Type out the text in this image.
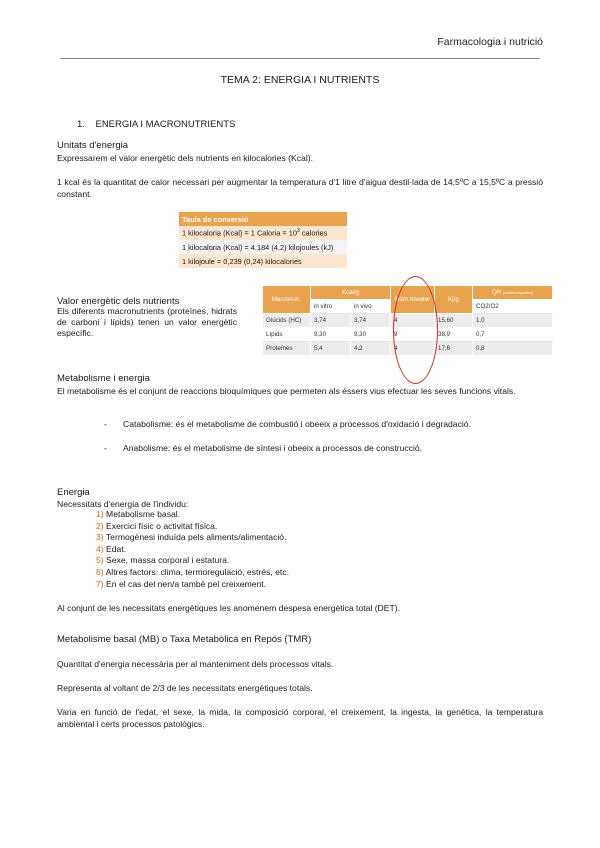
Farmacologia i nutrició
TEMA 2: ENERGIA I NUTRIENTS
1.    ENERGIA I MACRONUTRIENTS
Unitats d'energia
Expressarem el valor energètic dels nutrients en kilocalories (Kcal).
1 kcal és la quantitat de calor necessari per augmentar la temperatura d'1 litre d'aigua destil·lada de 14,5ºC a 15,5ºC a pressió constant.
Taula de conversió
1 kilocaloria (Kcal) = 1 Caloria = $10^3$ calories
1 kilocaloria (Kcal) = 4.184 (4,2) kilojoules (kJ)
1 kilojoule = 0,239 (0,24) kilocalories
Valor energètic dels nutrients
Els diferents macronutrients (proteïnes, hidrats de carboni i lípids) tenen un valor energètic específic.
Macronutr.	Kcal/g		Núm Atwater	Kj/g	QR (cocient respiratori)
	in vitro	in vivo			CO2/O2
Glúcids (HC)	3,74	3,74	4	15,60	1,0
Lípids	9,30	9,30	9	38,9	0,7
Proteïnes	5,4	4,2	4	17,6	0,8
Metabolisme i energia
El metabolisme és el conjunt de reaccions bioquímiques que permeten als éssers vius efectuar les seves funcions vitals.
- Catabolisme: és el metabolisme de combustió i obeeix a processos d'oxidació i degradació.
- Anabolisme: és el metabolisme de síntesi i obeeix a processos de construcció.
Energia
Necessitats d'energia de l'individu:
1) Metabolisme basal.
2) Exercici físic o activitat física.
3) Termogènesi induïda pels aliments/alimentació.
4) Edat.
5) Sexe, massa corporal i estatura.
6) Altres factors: clima, termoregulació, estrés, etc.
7) En el cas del nen/a també pel creixement.
Al conjunt de les necessitats energètiques les anomenem despesa energètica total (DET).
Metabolisme basal (MB) o Taxa Metabòlica en Repós (TMR)
Quantitat d'energia necessària per al manteniment dels processos vitals.
Representa al voltant de 2/3 de les necessitats energètiques totals.
Varia en funció de l'edat, el sexe, la mida, la composició corporal, el creixement, la ingesta, la genètica, la temperatura ambiental i certs processos patològics.
